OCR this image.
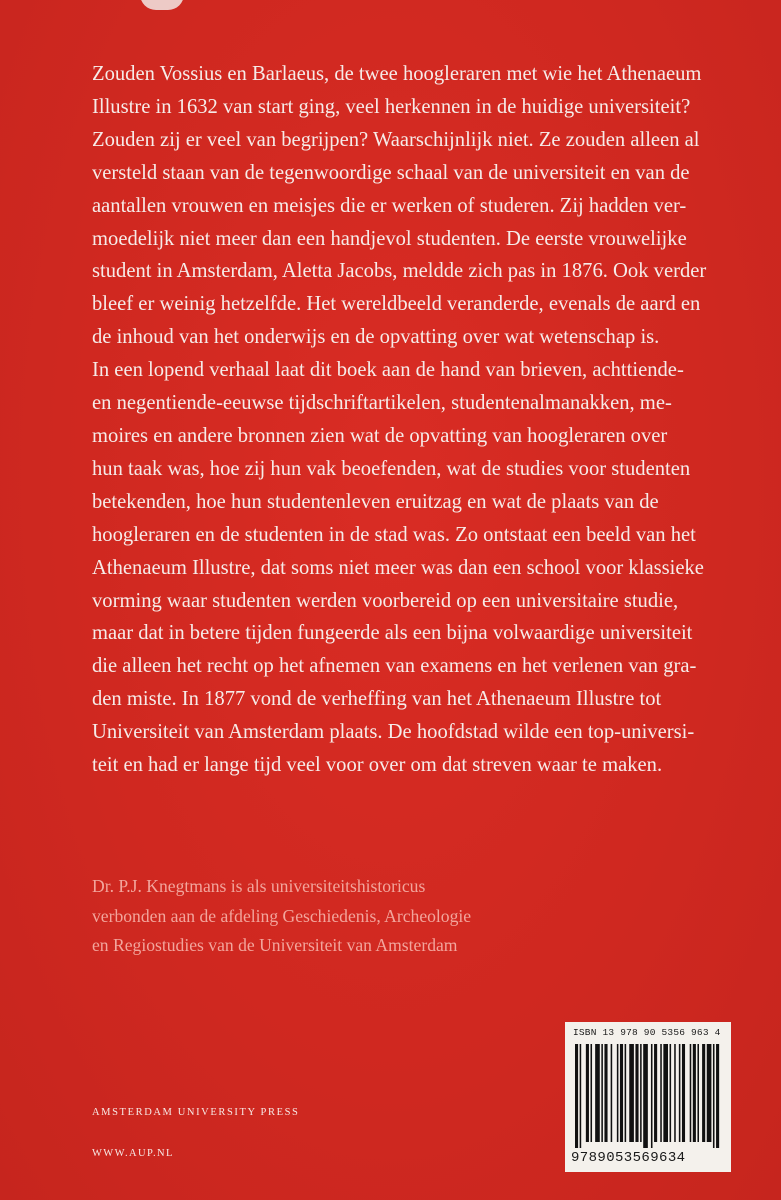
Zouden Vossius en Barlaeus, de twee hoogleraren met wie het Athenaeum
Illustre in 1632 van start ging, veel herkennen in de huidige universiteit?
Zouden zij er veel van begrijpen? Waarschijnlijk niet. Ze zouden alleen al
versteld staan van de tegenwoordige schaal van de universiteit en van de
aantallen vrouwen en meisjes die er werken of studeren. Zij hadden ver-
moedelijk niet meer dan een handjevol studenten. De eerste vrouwelijke
student in Amsterdam, Aletta Jacobs, meldde zich pas in 1876. Ook verder
bleef er weinig hetzelfde. Het wereldbeeld veranderde, evenals de aard en
de inhoud van het onderwijs en de opvatting over wat wetenschap is.
In een lopend verhaal laat dit boek aan de hand van brieven, achttiende-
en negentiende-eeuwse tijdschriftartikelen, studentenalmanakken, me-
moires en andere bronnen zien wat de opvatting van hoogleraren over
hun taak was, hoe zij hun vak beoefenden, wat de studies voor studenten
betekenden, hoe hun studentenleven eruitzag en wat de plaats van de
hoogleraren en de studenten in de stad was. Zo ontstaat een beeld van het
Athenaeum Illustre, dat soms niet meer was dan een school voor klassieke
vorming waar studenten werden voorbereid op een universitaire studie,
maar dat in betere tijden fungeerde als een bijna volwaardige universiteit
die alleen het recht op het afnemen van examens en het verlenen van gra-
den miste. In 1877 vond de verheffing van het Athenaeum Illustre tot
Universiteit van Amsterdam plaats. De hoofdstad wilde een top-universi-
teit en had er lange tijd veel voor over om dat streven waar te maken.

Dr. P.J. Knegtmans is als universiteitshistoricus
verbonden aan de afdeling Geschiedenis, Archeologie
en Regiostudies van de Universiteit van Amsterdam

AMSTERDAM UNIVERSITY PRESS
WWW.AUP.NL
ISBN 13 978 90 5356 963 4
9789053569634
